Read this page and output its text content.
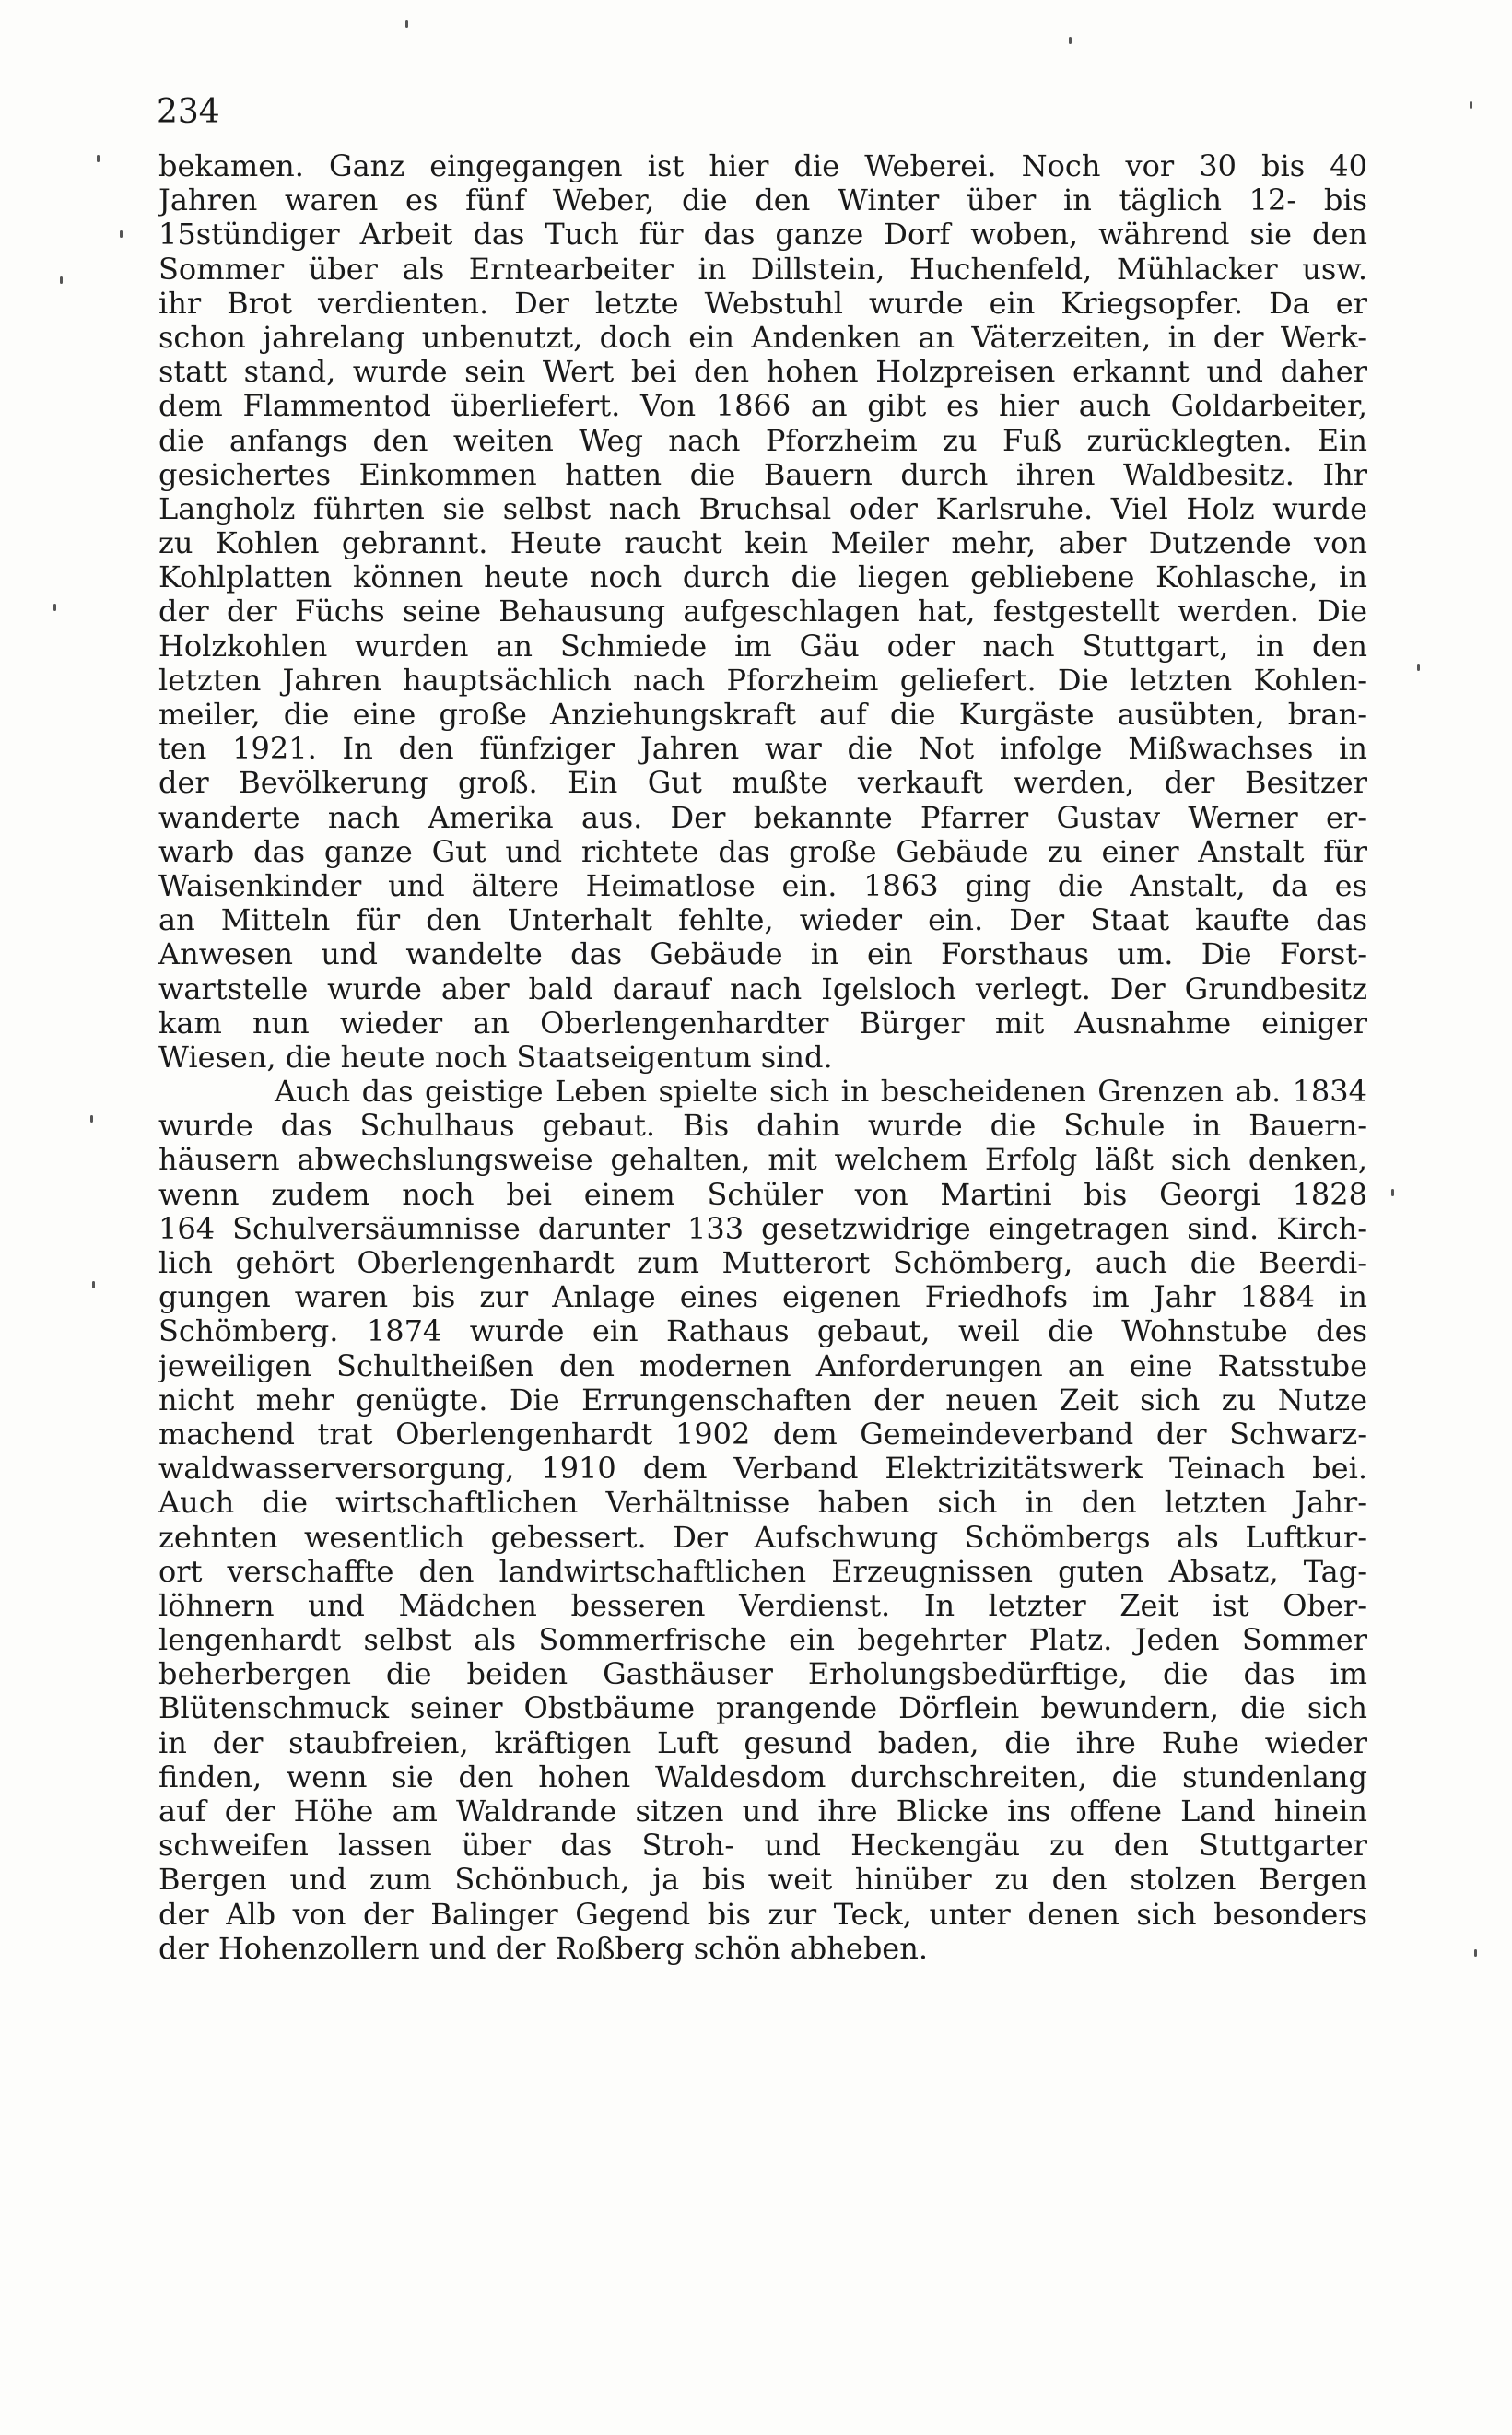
234
bekamen. Ganz eingegangen ist hier die Weberei. Noch vor 30 bis 40
Jahren waren es fünf Weber, die den Winter über in täglich 12- bis
15stündiger Arbeit das Tuch für das ganze Dorf woben, während sie den
Sommer über als Erntearbeiter in Dillstein, Huchenfeld, Mühlacker usw.
ihr Brot verdienten. Der letzte Webstuhl wurde ein Kriegsopfer. Da er
schon jahrelang unbenutzt, doch ein Andenken an Väterzeiten, in der Werk-
statt stand, wurde sein Wert bei den hohen Holzpreisen erkannt und daher
dem Flammentod überliefert. Von 1866 an gibt es hier auch Goldarbeiter,
die anfangs den weiten Weg nach Pforzheim zu Fuß zurücklegten. Ein
gesichertes Einkommen hatten die Bauern durch ihren Waldbesitz. Ihr
Langholz führten sie selbst nach Bruchsal oder Karlsruhe. Viel Holz wurde
zu Kohlen gebrannt. Heute raucht kein Meiler mehr, aber Dutzende von
Kohlplatten können heute noch durch die liegen gebliebene Kohlasche, in
der der Füchs seine Behausung aufgeschlagen hat, festgestellt werden. Die
Holzkohlen wurden an Schmiede im Gäu oder nach Stuttgart, in den
letzten Jahren hauptsächlich nach Pforzheim geliefert. Die letzten Kohlen-
meiler, die eine große Anziehungskraft auf die Kurgäste ausübten, bran-
ten 1921. In den fünfziger Jahren war die Not infolge Mißwachses in
der Bevölkerung groß. Ein Gut mußte verkauft werden, der Besitzer
wanderte nach Amerika aus. Der bekannte Pfarrer Gustav Werner er-
warb das ganze Gut und richtete das große Gebäude zu einer Anstalt für
Waisenkinder und ältere Heimatlose ein. 1863 ging die Anstalt, da es
an Mitteln für den Unterhalt fehlte, wieder ein. Der Staat kaufte das
Anwesen und wandelte das Gebäude in ein Forsthaus um. Die Forst-
wartstelle wurde aber bald darauf nach Igelsloch verlegt. Der Grundbesitz
kam nun wieder an Oberlengenhardter Bürger mit Ausnahme einiger
Wiesen, die heute noch Staatseigentum sind.
Auch das geistige Leben spielte sich in bescheidenen Grenzen ab. 1834
wurde das Schulhaus gebaut. Bis dahin wurde die Schule in Bauern-
häusern abwechslungsweise gehalten, mit welchem Erfolg läßt sich denken,
wenn zudem noch bei einem Schüler von Martini bis Georgi 1828
164 Schulversäumnisse darunter 133 gesetzwidrige eingetragen sind. Kirch-
lich gehört Oberlengenhardt zum Mutterort Schömberg, auch die Beerdi-
gungen waren bis zur Anlage eines eigenen Friedhofs im Jahr 1884 in
Schömberg. 1874 wurde ein Rathaus gebaut, weil die Wohnstube des
jeweiligen Schultheißen den modernen Anforderungen an eine Ratsstube
nicht mehr genügte. Die Errungenschaften der neuen Zeit sich zu Nutze
machend trat Oberlengenhardt 1902 dem Gemeindeverband der Schwarz-
waldwasserversorgung, 1910 dem Verband Elektrizitätswerk Teinach bei.
Auch die wirtschaftlichen Verhältnisse haben sich in den letzten Jahr-
zehnten wesentlich gebessert. Der Aufschwung Schömbergs als Luftkur-
ort verschaffte den landwirtschaftlichen Erzeugnissen guten Absatz, Tag-
löhnern und Mädchen besseren Verdienst. In letzter Zeit ist Ober-
lengenhardt selbst als Sommerfrische ein begehrter Platz. Jeden Sommer
beherbergen die beiden Gasthäuser Erholungsbedürftige, die das im
Blütenschmuck seiner Obstbäume prangende Dörflein bewundern, die sich
in der staubfreien, kräftigen Luft gesund baden, die ihre Ruhe wieder
finden, wenn sie den hohen Waldesdom durchschreiten, die stundenlang
auf der Höhe am Waldrande sitzen und ihre Blicke ins offene Land hinein
schweifen lassen über das Stroh- und Heckengäu zu den Stuttgarter
Bergen und zum Schönbuch, ja bis weit hinüber zu den stolzen Bergen
der Alb von der Balinger Gegend bis zur Teck, unter denen sich besonders
der Hohenzollern und der Roßberg schön abheben.
